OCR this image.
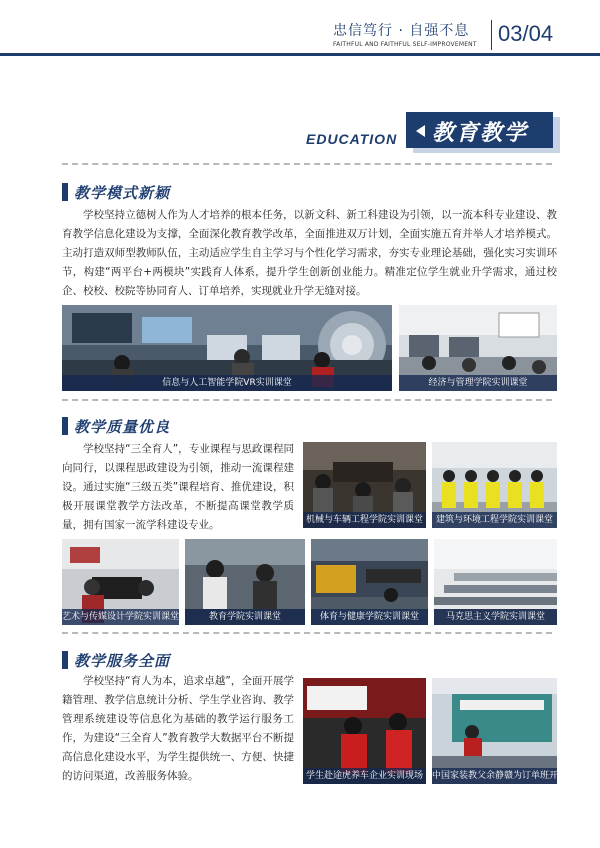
忠信笃行 · 自强不息
FAITHFUL AND FAITHFUL SELF-IMPROVEMENT 03/04
EDUCATION 教育教学
教学模式新颖

学校坚持立德树人作为人才培养的根本任务，以新文科、新工科建设为引领，以一流本科专业建设、教育教学信息化建设为支撑，全面深化教育教学改革，全面推进双万计划，全面实施五育并举人才培养模式。主动打造双师型教师队伍，主动适应学生自主学习与个性化学习需求，夯实专业理论基础，强化实习实训环节，构建“两平台+两模块”实践育人体系，提升学生创新创业能力。精准定位学生就业升学需求，通过校企、校校、校院等协同育人、订单培养，实现就业升学无缝对接。

信息与人工智能学院VR实训课堂	经济与管理学院实训课堂
教学质量优良

学校坚持“三全育人”，专业课程与思政课程同向同行，以课程思政建设为引领，推动一流课程建设。通过实施“三级五类”课程培育、推优建设，积极开展课堂教学方法改革，不断提高课堂教学质量，拥有国家一流学科建设专业。	机械与车辆工程学院实训课堂	建筑与环境工程学院实训课堂
艺术与传媒设计学院实训课堂	教育学院实训课堂	体育与健康学院实训课堂	马克思主义学院实训课堂
教学服务全面

学校坚持“育人为本，追求卓越”，全面开展学籍管理、教学信息统计分析、学生学业咨询、教学管理系统建设等信息化为基础的教学运行服务工作，为建设“三全育人”教育教学大数据平台不断提高信息化建设水平，为学生提供统一、方便、快捷的访问渠道，改善服务体验。	学生赴途虎养车企业实训现场	中国家装教父余静赣为订单班开班授课
